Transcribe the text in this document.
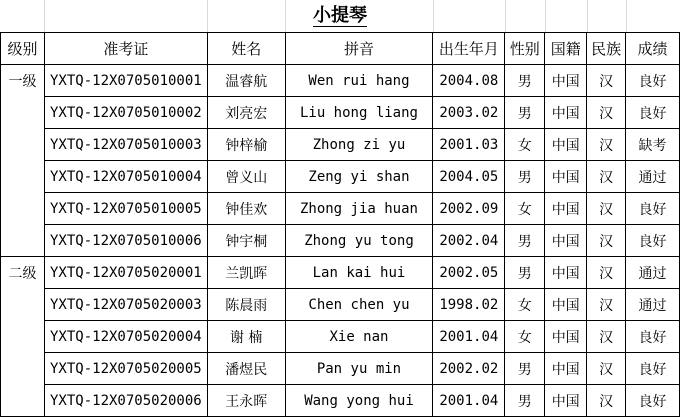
小提琴
级别	准考证	姓名	拼音	出生年月	性别	国籍	民族	成绩
一级	YXTQ-12X0705010001	温睿航	Wen rui hang	2004.08	男	中国	汉	良好
	YXTQ-12X0705010002	刘亮宏	Liu hong liang	2003.02	男	中国	汉	良好
	YXTQ-12X0705010003	钟梓榆	Zhong zi yu	2001.03	女	中国	汉	缺考
	YXTQ-12X0705010004	曾义山	Zeng yi shan	2004.05	男	中国	汉	通过
	YXTQ-12X0705010005	钟佳欢	Zhong jia huan	2002.09	女	中国	汉	良好
	YXTQ-12X0705010006	钟宇桐	Zhong yu tong	2002.04	男	中国	汉	良好
二级	YXTQ-12X0705020001	兰凯晖	Lan kai hui	2002.05	男	中国	汉	通过
	YXTQ-12X0705020003	陈晨雨	Chen chen yu	1998.02	女	中国	汉	通过
	YXTQ-12X0705020004	谢 楠	Xie nan	2001.04	女	中国	汉	良好
	YXTQ-12X0705020005	潘煜民	Pan yu min	2002.02	男	中国	汉	良好
	YXTQ-12X0705020006	王永晖	Wang yong hui	2001.04	男	中国	汉	良好
